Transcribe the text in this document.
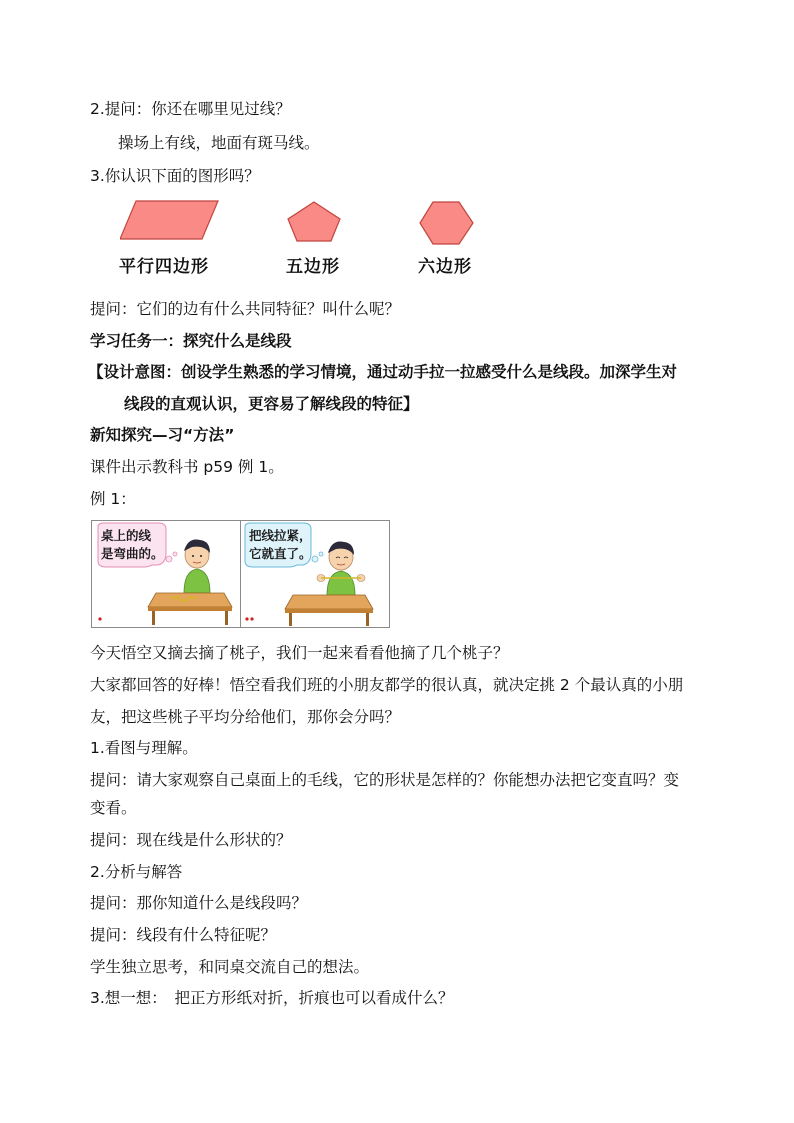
2.提问：你还在哪里见过线？
操场上有线，地面有斑马线。
3.你认识下面的图形吗？
平行四边形	五边形	六边形
提问：它们的边有什么共同特征？叫什么呢？
学习任务一：探究什么是线段
【设计意图：创设学生熟悉的学习情境，通过动手拉一拉感受什么是线段。加深学生对
线段的直观认识，更容易了解线段的特征】
新知探究—习“方法”
课件出示教科书 p59 例 1。
例 1：
桌上的线
是弯曲的。
把线拉紧，
它就直了。
今天悟空又摘去摘了桃子，我们一起来看看他摘了几个桃子？
大家都回答的好棒！悟空看我们班的小朋友都学的很认真，就决定挑 2 个最认真的小朋
友，把这些桃子平均分给他们，那你会分吗？
1.看图与理解。
提问：请大家观察自己桌面上的毛线，它的形状是怎样的？你能想办法把它变直吗？变
变看。
提问：现在线是什么形状的？
2.分析与解答
提问：那你知道什么是线段吗？
提问：线段有什么特征呢？
学生独立思考，和同桌交流自己的想法。
3.想一想：　把正方形纸对折，折痕也可以看成什么？
